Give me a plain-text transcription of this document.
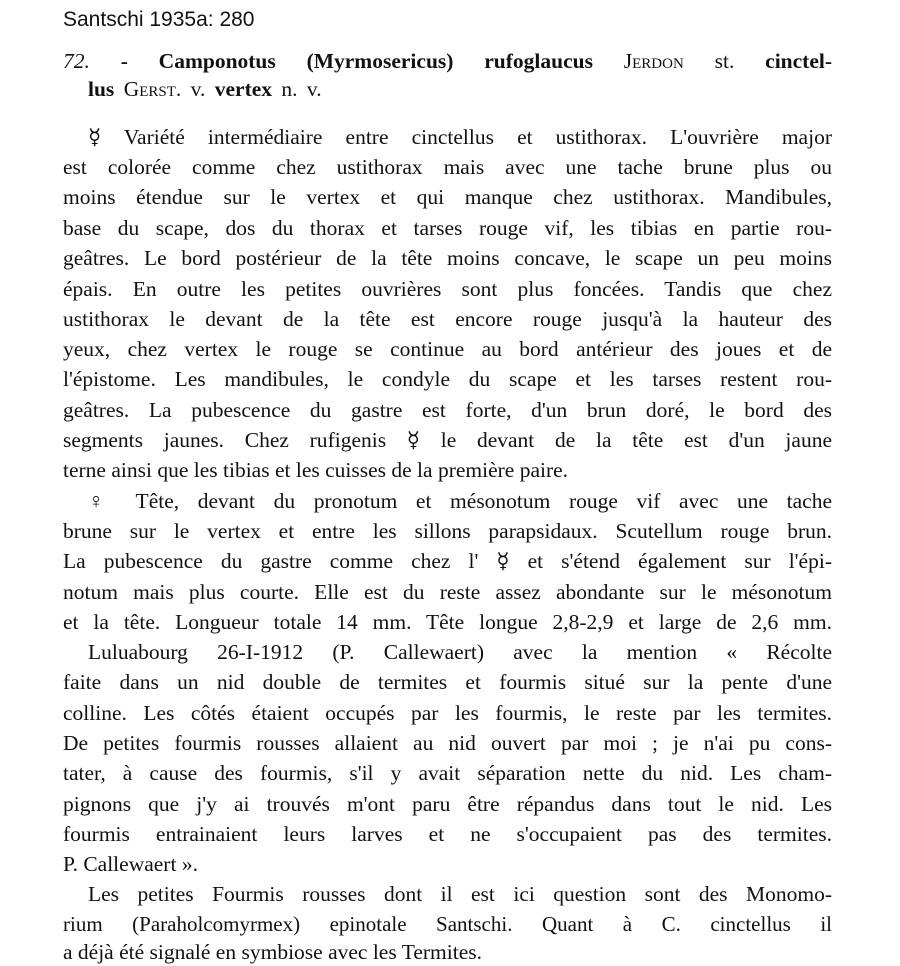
Santschi 1935a: 280
72. - Camponotus (Myrmosericus) rufoglaucus Jerdon st. cinctel-
lus Gerst. v. vertex n. v.
☿ Variété intermédiaire entre cinctellus et ustithorax. L'ouvrière major
est colorée comme chez ustithorax mais avec une tache brune plus ou
moins étendue sur le vertex et qui manque chez ustithorax. Mandibules,
base du scape, dos du thorax et tarses rouge vif, les tibias en partie rou-
geâtres. Le bord postérieur de la tête moins concave, le scape un peu moins
épais. En outre les petites ouvrières sont plus foncées. Tandis que chez
ustithorax le devant de la tête est encore rouge jusqu'à la hauteur des
yeux, chez vertex le rouge se continue au bord antérieur des joues et de
l'épistome. Les mandibules, le condyle du scape et les tarses restent rou-
geâtres. La pubescence du gastre est forte, d'un brun doré, le bord des
segments jaunes. Chez rufigenis ☿ le devant de la tête est d'un jaune
terne ainsi que les tibias et les cuisses de la première paire.
♀ Tête, devant du pronotum et mésonotum rouge vif avec une tache
brune sur le vertex et entre les sillons parapsidaux. Scutellum rouge brun.
La pubescence du gastre comme chez l' ☿ et s'étend également sur l'épi-
notum mais plus courte. Elle est du reste assez abondante sur le mésonotum
et la tête. Longueur totale 14 mm. Tête longue 2,8-2,9 et large de 2,6 mm.
Luluabourg 26-I-1912 (P. Callewaert) avec la mention « Récolte
faite dans un nid double de termites et fourmis situé sur la pente d'une
colline. Les côtés étaient occupés par les fourmis, le reste par les termites.
De petites fourmis rousses allaient au nid ouvert par moi ; je n'ai pu cons-
tater, à cause des fourmis, s'il y avait séparation nette du nid. Les cham-
pignons que j'y ai trouvés m'ont paru être répandus dans tout le nid. Les
fourmis entrainaient leurs larves et ne s'occupaient pas des termites.
P. Callewaert ».
Les petites Fourmis rousses dont il est ici question sont des Monomo-
rium (Paraholcomyrmex) epinotale Santschi. Quant à C. cinctellus il
a déjà été signalé en symbiose avec les Termites.
